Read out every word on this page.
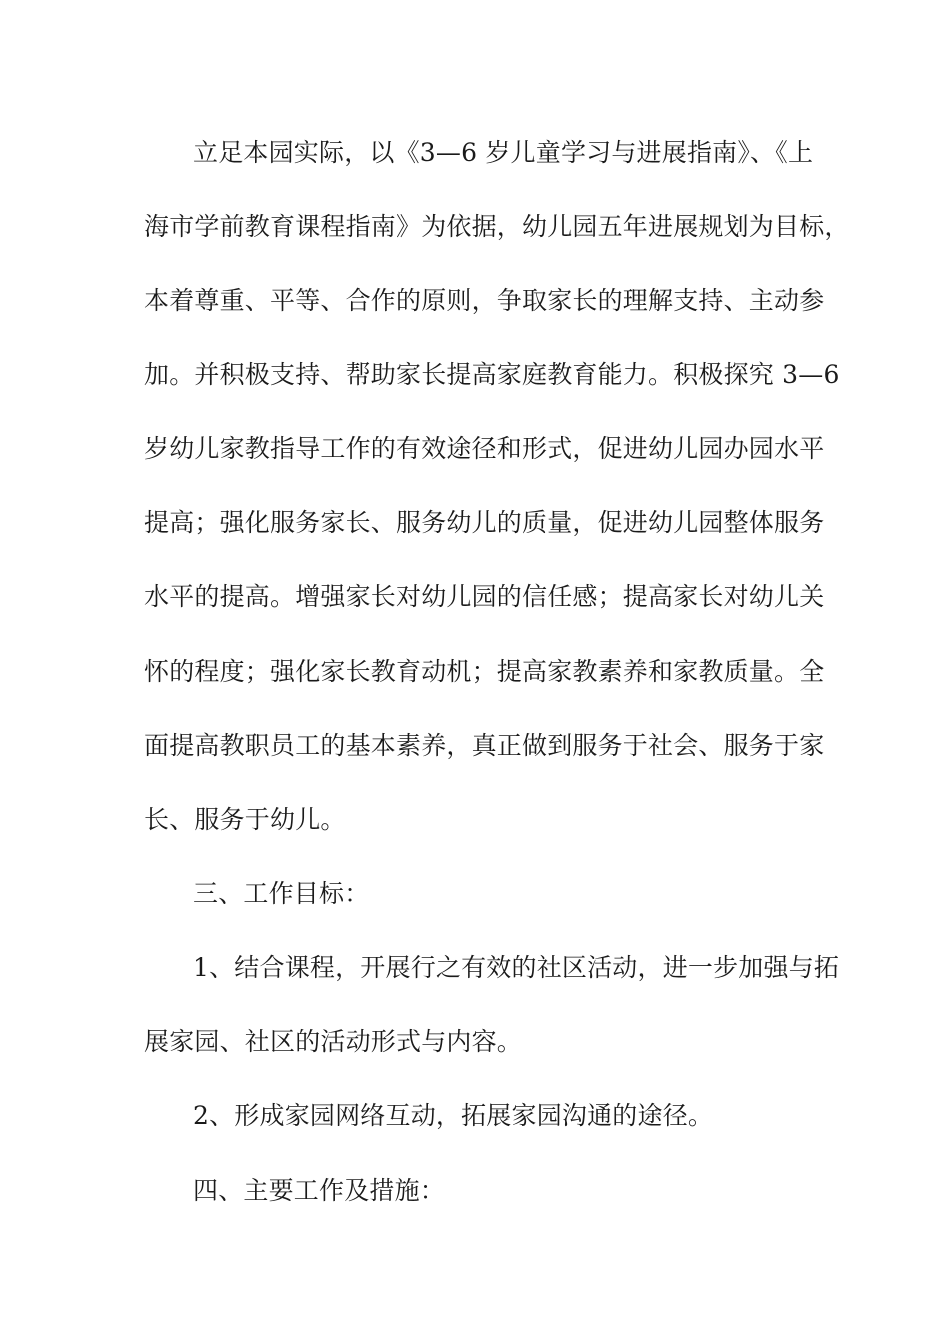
立足本园实际，以《3—6 岁儿童学习与进展指南》、《上
海市学前教育课程指南》为依据，幼儿园五年进展规划为目标，
本着尊重、平等、合作的原则，争取家长的理解支持、主动参
加。并积极支持、帮助家长提高家庭教育能力。积极探究 3—6
岁幼儿家教指导工作的有效途径和形式，促进幼儿园办园水平
提高；强化服务家长、服务幼儿的质量，促进幼儿园整体服务
水平的提高。增强家长对幼儿园的信任感；提高家长对幼儿关
怀的程度；强化家长教育动机；提高家教素养和家教质量。全
面提高教职员工的基本素养，真正做到服务于社会、服务于家
长、服务于幼儿。
三、工作目标：
1、结合课程，开展行之有效的社区活动，进一步加强与拓
展家园、社区的活动形式与内容。
2、形成家园网络互动，拓展家园沟通的途径。
四、主要工作及措施：
